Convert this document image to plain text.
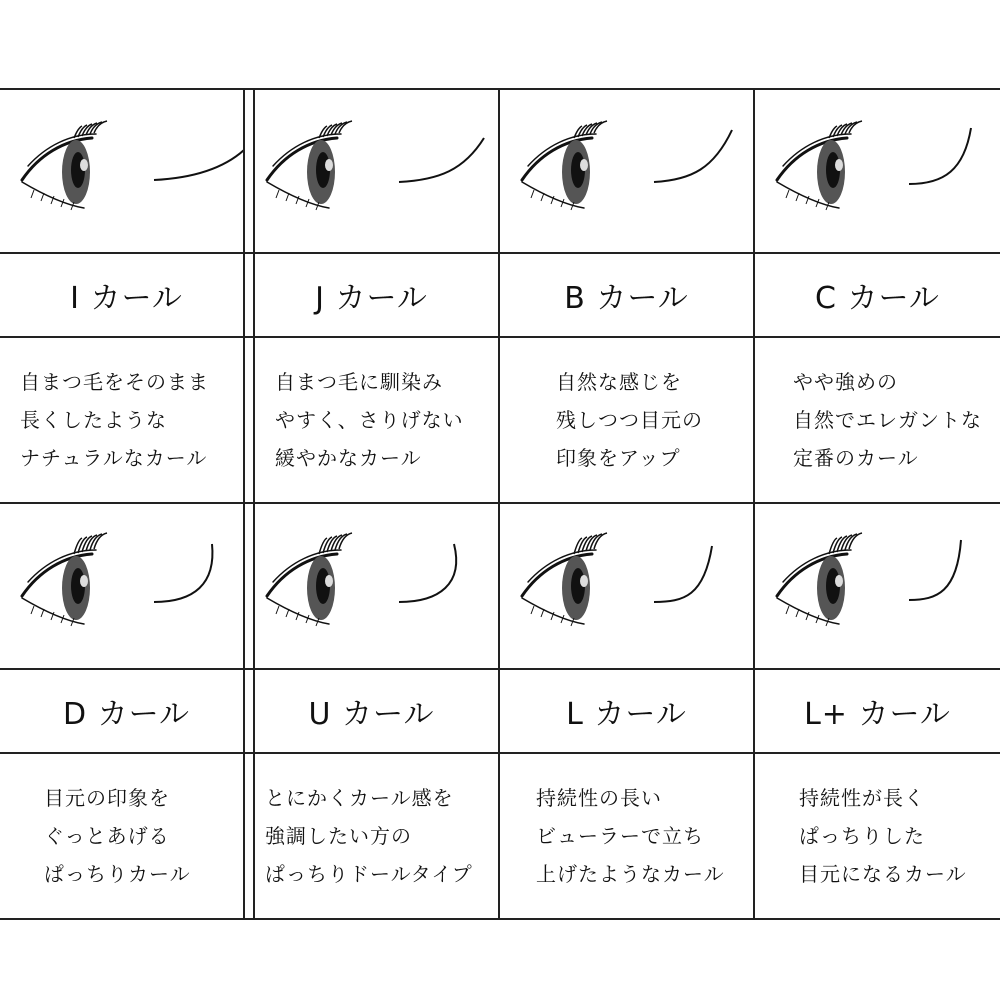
I カール
自まつ毛をそのまま
長くしたような
ナチュラルなカール
J カール
自まつ毛に馴染み
やすく、さりげない
緩やかなカール
B カール
自然な感じを
残しつつ目元の
印象をアップ
C カール
やや強めの
自然でエレガントな
定番のカール
D カール
目元の印象を
ぐっとあげる
ぱっちりカール
U カール
とにかくカール感を
強調したい方の
ぱっちりドールタイプ
L カール
持続性の長い
ビューラーで立ち
上げたようなカール
L+ カール
持続性が長く
ぱっちりした
目元になるカール
